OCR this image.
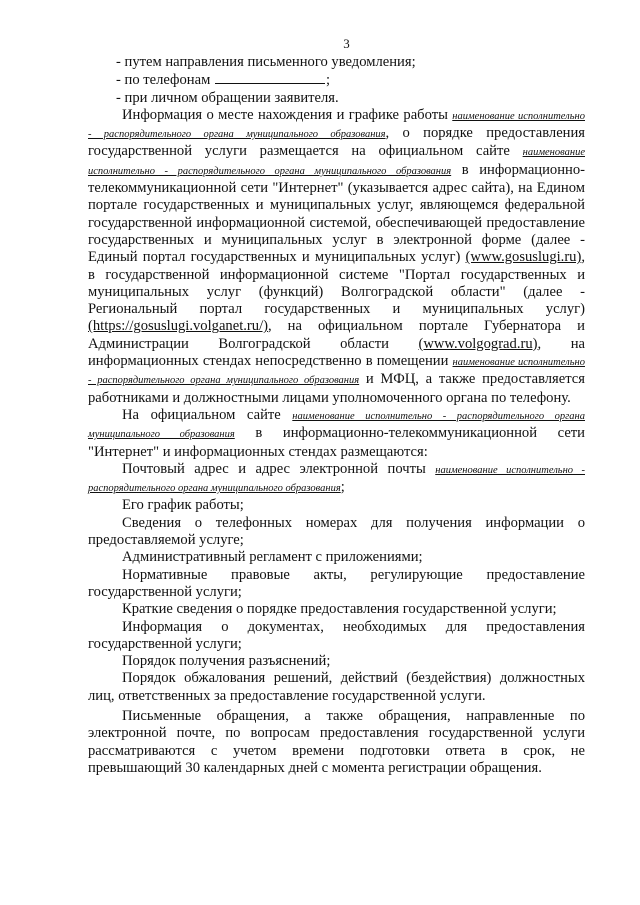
3

- путем направления письменного уведомления;

- по телефонам	;

- при личном обращении заявителя.

Информация о месте нахождения и графике работы наименование исполнительно - распорядительного органа муниципального образования, о порядке предоставления государственной услуги размещается на официальном сайте наименование исполнительно - распорядительного органа муниципального образования в информационно-телекоммуникационной сети "Интернет" (указывается адрес сайта), на Едином портале государственных и муниципальных услуг, являющемся федеральной государственной информационной системой, обеспечивающей предоставление государственных и муниципальных услуг в электронной форме (далее - Единый портал государственных и муниципальных услуг) (www.gosuslugi.ru), в государственной информационной системе "Портал государственных и муниципальных услуг (функций) Волгоградской области" (далее - Региональный портал государственных и муниципальных услуг) (https://gosuslugi.volganet.ru/), на официальном портале Губернатора и Администрации Волгоградской области (www.volgograd.ru), на информационных стендах непосредственно в помещении наименование исполнительно - распорядительного органа муниципального образования и МФЦ, а также предоставляется работниками и должностными лицами уполномоченного органа по телефону.

На официальном сайте наименование исполнительно - распорядительного органа муниципального образования в информационно-телекоммуникационной сети "Интернет" и информационных стендах размещаются:

Почтовый адрес и адрес электронной почты наименование исполнительно - распорядительного органа муниципального образования;

Его график работы;

Сведения о телефонных номерах для получения информации о предоставляемой услуге;

Административный регламент с приложениями;

Нормативные правовые акты, регулирующие предоставление государственной услуги;

Краткие сведения о порядке предоставления государственной услуги;

Информация о документах, необходимых для предоставления государственной услуги;

Порядок получения разъяснений;

Порядок обжалования решений, действий (бездействия) должностных лиц, ответственных за предоставление государственной услуги.

Письменные обращения, а также обращения, направленные по электронной почте, по вопросам предоставления государственной услуги рассматриваются с учетом времени подготовки ответа в срок, не превышающий 30 календарных дней с момента регистрации обращения.
